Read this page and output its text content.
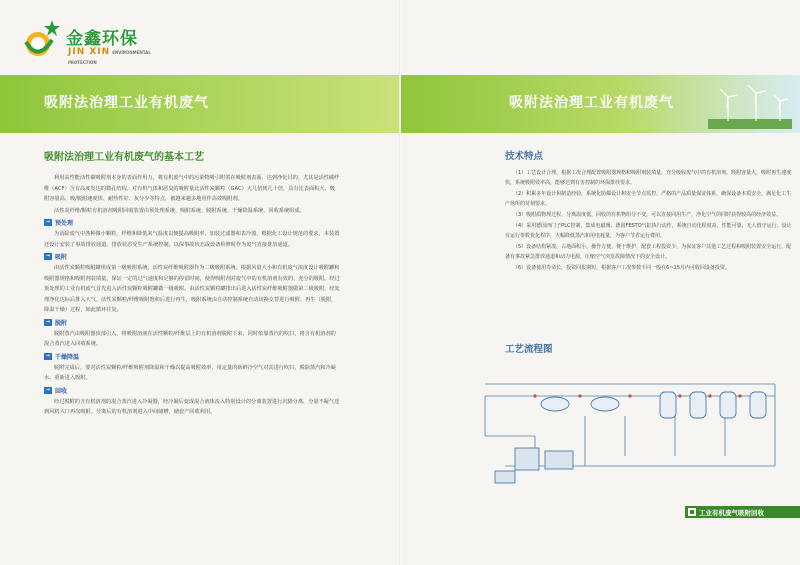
金鑫环保
JIN XIN ENVIRONMENTAL PROTECTION
吸附法治理工业有机废气	吸附法治理工业有机废气
吸附法治理工业有机废气的基本工艺

利用高性能活性碳吸附剂本身的表面作用力，将有机废气中的污染物吸引附着在吸附剂表面，达到净化目的。尤其是活性碳纤维（ACF）含有高度发达的微孔结构，对有机气体和恶臭的吸附量比活性炭颗粒（GAC）大几倍到几十倍，具有比表面积大、吸附容量高、吸/脱附速度快、耐热性好、灰分少等特点，被越来越多地用作高效吸附剂。

活性炭纤维/颗粒有机溶剂吸附回收装置由预处理系统、吸附系统、脱附系统、干燥降温系统、回收系统组成。

→ 预处理

为消除废气中各种微小颗粒，纤维和降低来气温度以便提高吸附率，加装过滤器和表冷器，根据化工设计规范的要求，本装置还设计安装了事故排放通道，排放状态受生产系统控制，以保事故状态或设备检修时作为废气直接排放通道。

→ 吸附

由活性炭颗粒吸附罐组成第一级吸附系统，活性炭纤维吸附器作为二级吸附系统。根据风量大小和有机废气浓度设计吸附罐和吸附器规格和吸附剂装填量，保证一定的过气速度和足够的停留时间，使得吸附剂对废气中的有机溶剂有效的、充分的吸附。经过预处理的工业有机废气首先进入活性炭颗粒吸附罐做一级吸附，由活性炭颗粒罐排出后进入活性炭纤维吸附器做第二级吸附，经处理净化达标后排入大气。活性炭颗粒/纤维吸附饱和后进行再生，吸附系统由自动控制系统自动切换交替进行吸附、再生（脱附，降温干燥）过程，如此循环往复。

→ 脱附

脱附蒸汽由吸附器顶部引入，将吸附溶液在活性颗粒/纤维层上的有机溶剂脱附下来，同时依靠蒸汽的吹扫，将含有机溶剂的混合蒸汽进入回收系统。

→ 干燥降温

脱附完成后，要对活性炭颗粒/纤维吸附剂降温和干燥以提高吸附效率，用定量的新鲜冷空气对其进行吹扫，脱除蒸汽和冷凝水，重新进入吸附。

→ 回收

经过脱附的含有机溶剂的混合蒸汽进入冷凝器，经冷凝后变成混合液体流入特别设计的分离装置进行沉降分离，分量不凝气送到风机入口再次吸附。分离后的有机溶剂进入中间储槽，储套产回收利用。

技术特点

（1）工艺设计合理，根据工况合理配置吸附器规格和吸附剂装填量，充分吸收废气中的有机溶剂，吸附容量大，吸附再生速度快，系统吸附效率高，能够达到有害控制的环保排放要求。

（2）积累多年设计和制造经验，系统化防爆设计和安全节点监控，严格的产品质量保证体系，确保设备本质安全，满足化工生产场所的苛刻要求。

（3）吸附质物理过程，分离温度低，回收的有机物组分不变，可以直接回用生产，净化空气的同时获得较高的经济效益。

（4）采用德国西门子PLC控制，集成电磁阀、德国FESTO气缸执行动作，系统自动化程度高，性能可靠，无人值守运行，设计有运行参数优化程序，大幅降低蒸汽和用电耗量，为客户节省运行费用。

（5）设备结构紧凑，占地面积小，操作方便，便于维护，配套工程投资少，为保证客户其他工艺过程和吸附装置安全运行，配备有事故紧急排放通道和动力电源，压缩空气突发故障情况下的安全设计。

（6）设备使用寿命长，投资回报期短，根据客户工况参数不同一般在6~15月内可收回设备投资。

工艺流程图
工业有机废气吸附回收
